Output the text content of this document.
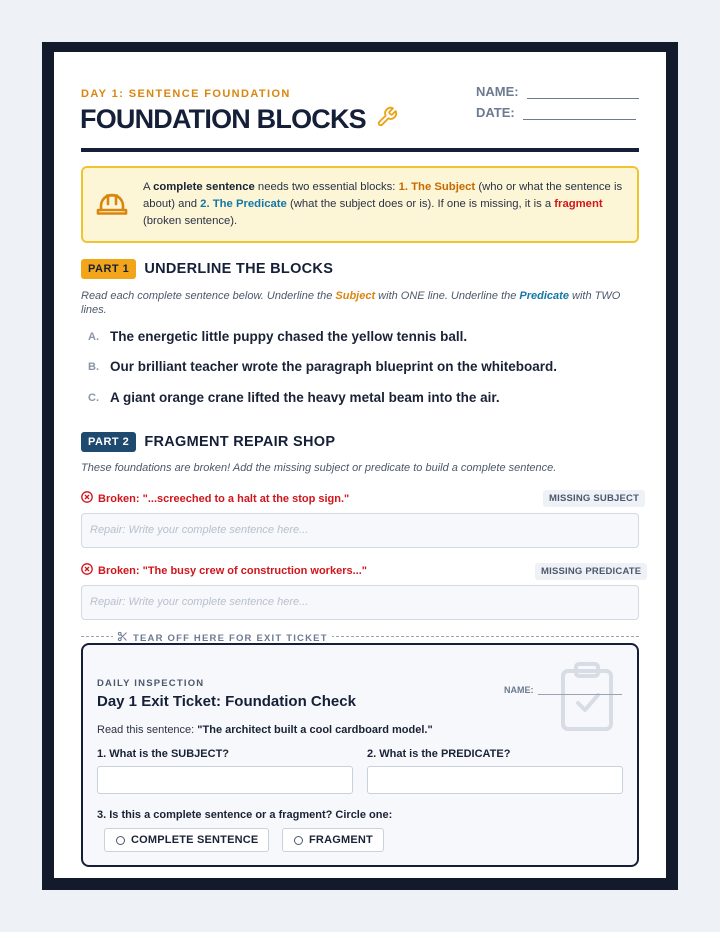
DAY 1: SENTENCE FOUNDATION
FOUNDATION BLOCKS
NAME:
DATE:
A complete sentence needs two essential blocks: 1. The Subject (who or what the sentence is about) and 2. The Predicate (what the subject does or is). If one is missing, it is a fragment (broken sentence).
PART 1	UNDERLINE THE BLOCKS
Read each complete sentence below. Underline the Subject with ONE line. Underline the Predicate with TWO lines.
A. The energetic little puppy chased the yellow tennis ball.
B. Our brilliant teacher wrote the paragraph blueprint on the whiteboard.
C. A giant orange crane lifted the heavy metal beam into the air.
PART 2	FRAGMENT REPAIR SHOP
These foundations are broken! Add the missing subject or predicate to build a complete sentence.
Broken: "...screeched to a halt at the stop sign."	MISSING SUBJECT
Repair: Write your complete sentence here...
Broken: "The busy crew of construction workers..."	MISSING PREDICATE
Repair: Write your complete sentence here...
TEAR OFF HERE FOR EXIT TICKET
DAILY INSPECTION
Day 1 Exit Ticket: Foundation Check
NAME:
Read this sentence: "The architect built a cool cardboard model."
1. What is the SUBJECT?	2. What is the PREDICATE?
3. Is this a complete sentence or a fragment? Circle one:
COMPLETE SENTENCE	FRAGMENT
